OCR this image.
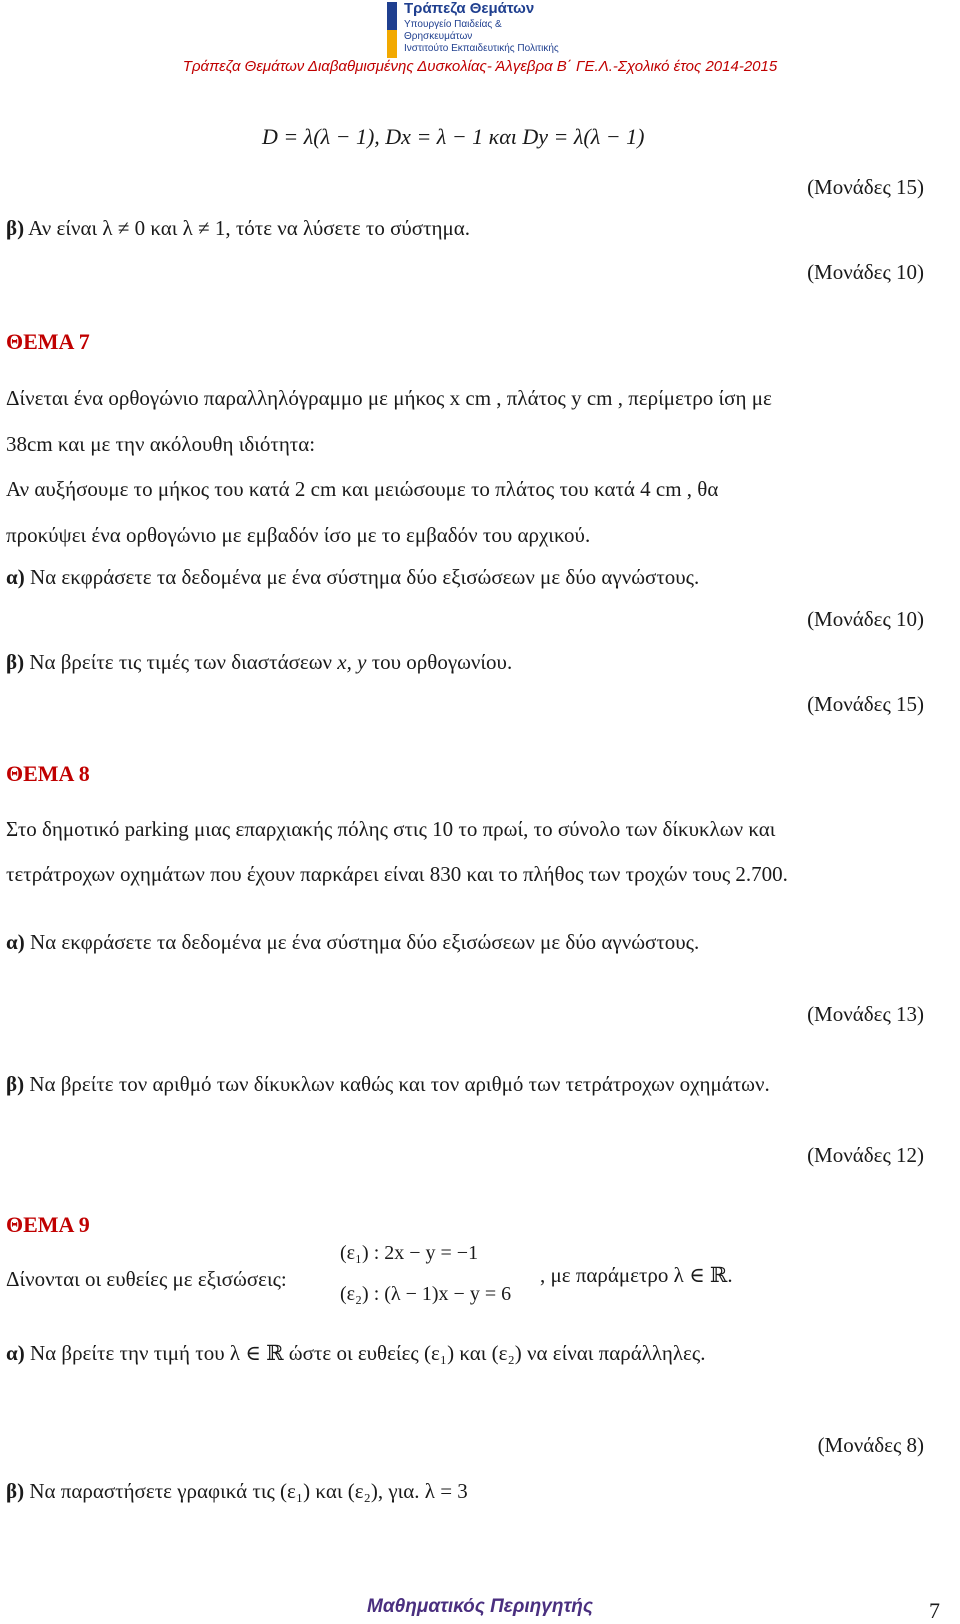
Τράπεζα Θεμάτων
Υπουργείο Παιδείας &
Θρησκευμάτων
Ινστιτούτο Εκπαιδευτικής Πολιτικής
Τράπεζα Θεμάτων Διαβαθμισμένης Δυσκολίας- Άλγεβρα Β΄ ΓΕ.Λ.-Σχολικό έτος 2014-2015
D = λ(λ − 1), Dx = λ − 1 και Dy = λ(λ − 1)
(Μονάδες 15)
β) Αν είναι λ ≠ 0 και λ ≠ 1, τότε να λύσετε το σύστημα.
(Μονάδες 10)
ΘΕΜΑ 7
Δίνεται ένα ορθογώνιο παραλληλόγραμμο με μήκος x cm , πλάτος y cm , περίμετρο ίση με
38cm και με την ακόλουθη ιδιότητα:
Αν αυξήσουμε το μήκος του κατά 2 cm και μειώσουμε το πλάτος του κατά 4 cm , θα
προκύψει ένα ορθογώνιο με εμβαδόν ίσο με το εμβαδόν του αρχικού.
α) Να εκφράσετε τα δεδομένα με ένα σύστημα δύο εξισώσεων με δύο αγνώστους.
(Μονάδες 10)
β) Να βρείτε τις τιμές των διαστάσεων x, y του ορθογωνίου.
(Μονάδες 15)
ΘΕΜΑ 8
Στο δημοτικό parking μιας επαρχιακής πόλης στις 10 το πρωί, το σύνολο των δίκυκλων και
τετράτροχων οχημάτων που έχουν παρκάρει είναι 830 και το πλήθος των τροχών τους 2.700.
α) Να εκφράσετε τα δεδομένα με ένα σύστημα δύο εξισώσεων με δύο αγνώστους.
(Μονάδες 13)
β) Να βρείτε τον αριθμό των δίκυκλων καθώς και τον αριθμό των τετράτροχων οχημάτων.
(Μονάδες 12)
ΘΕΜΑ 9
(ε₁) : 2x − y = −1
Δίνονται οι ευθείες με εξισώσεις:	, με παράμετρο λ ∈ ℝ.
(ε₂) : (λ − 1)x − y = 6
α) Να βρείτε την τιμή του λ ∈ ℝ ώστε οι ευθείες (ε₁) και (ε₂) να είναι παράλληλες.
(Μονάδες 8)
β) Να παραστήσετε γραφικά τις (ε₁) και (ε₂), για. λ = 3
Μαθηματικός Περιηγητής	7
